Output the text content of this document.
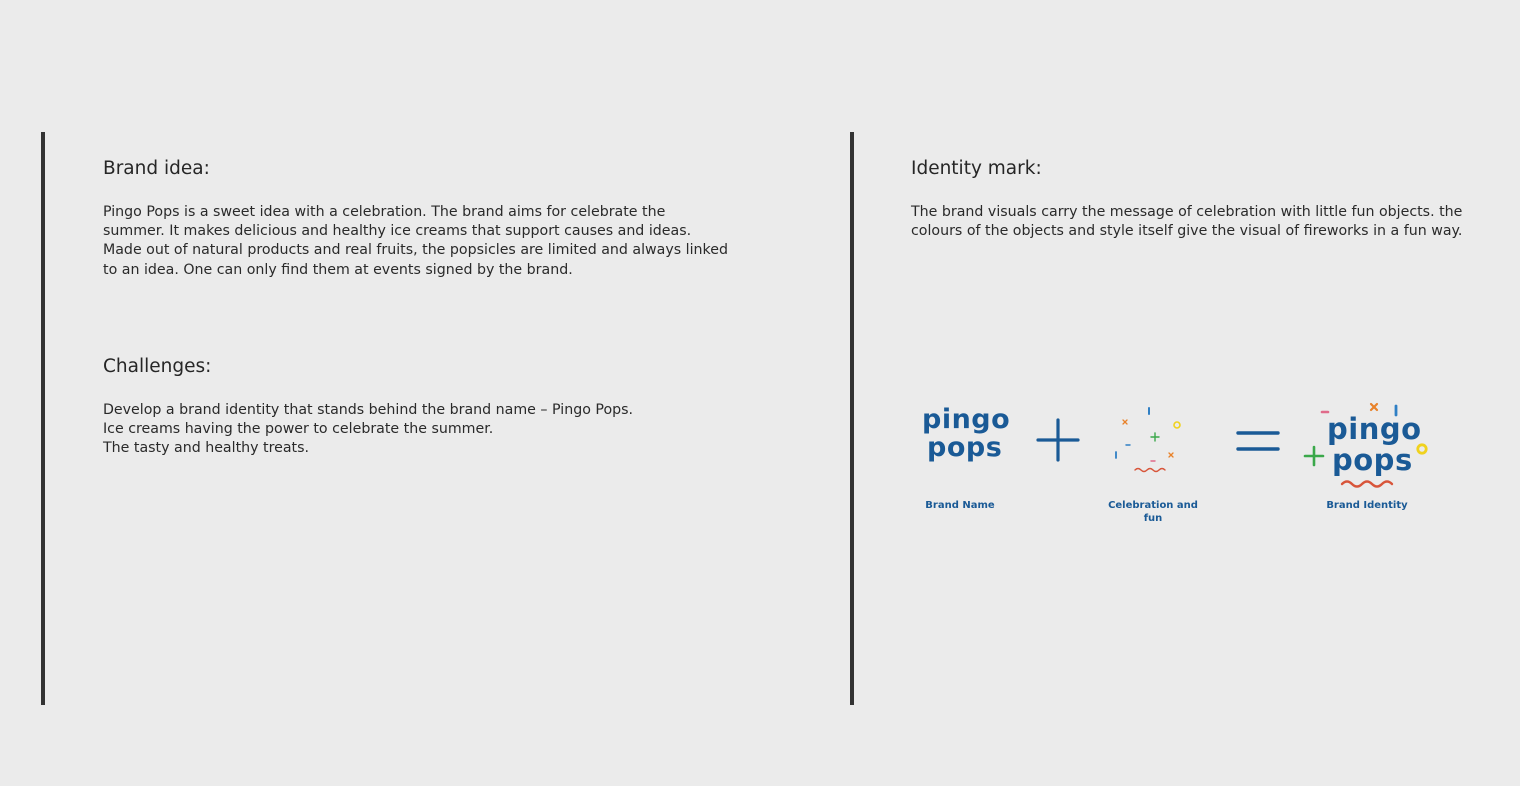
Brand idea:
Pingo Pops is a sweet idea with a celebration. The brand aims for celebrate the
summer. It makes delicious and healthy ice creams that support causes and ideas.
Made out of natural products and real fruits, the popsicles are limited and always linked
to an idea. One can only find them at events signed by the brand.
Challenges:
Develop a brand identity that stands behind the brand name – Pingo Pops.
Ice creams having the power to celebrate the summer.
The tasty and healthy treats.
Identity mark:
The brand visuals carry the message of celebration with little fun objects. the
colours of the objects and style itself give the visual of fireworks in a fun way.
pingo
pops
Brand Name	Celebration and fun
pingo
pops
Brand Identity
